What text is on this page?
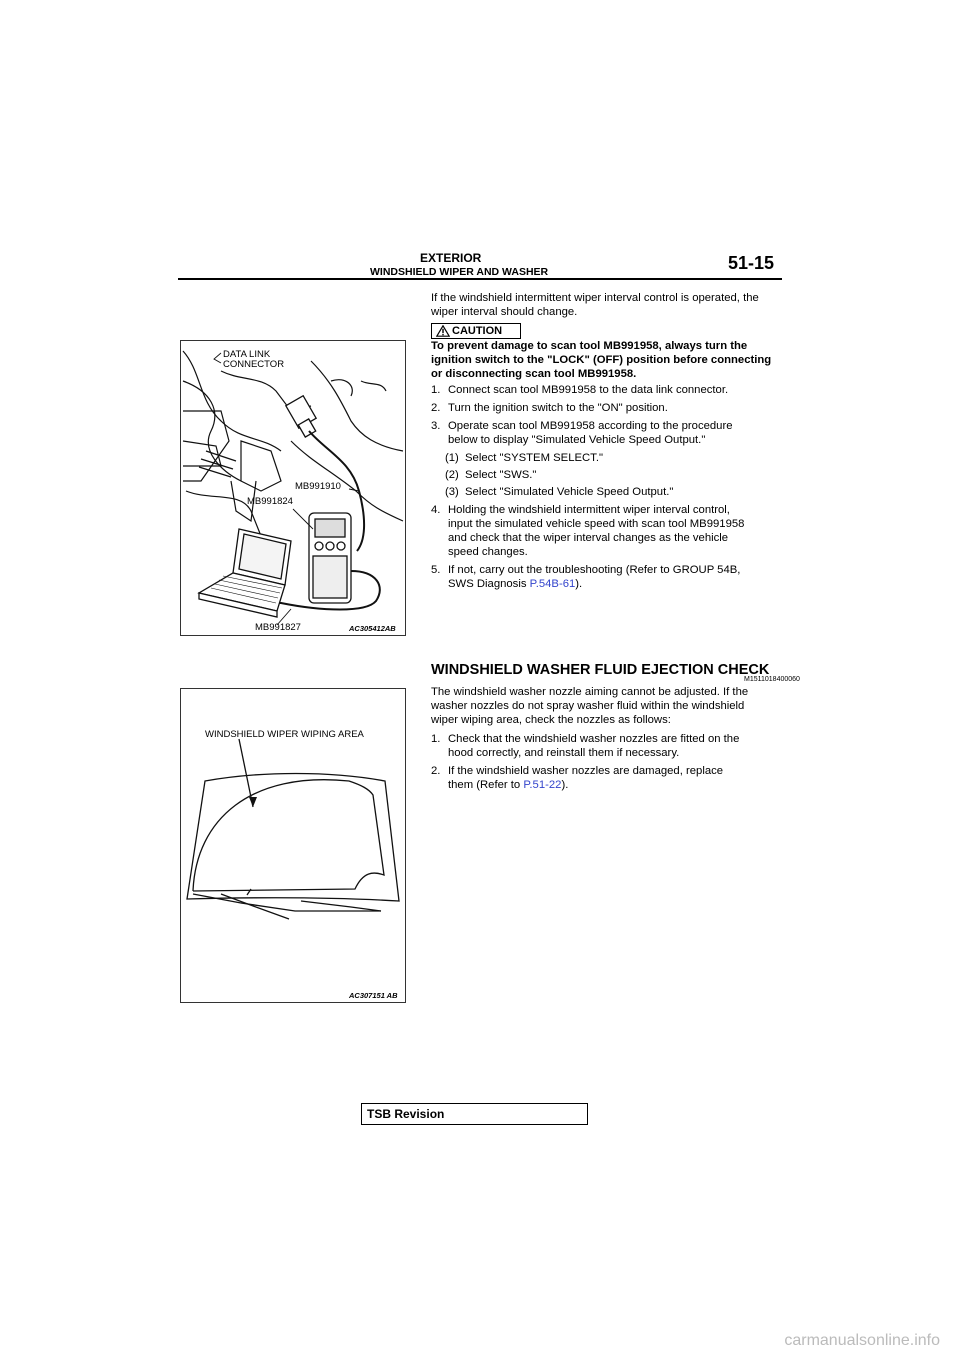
EXTERIOR
WINDSHIELD WIPER AND WASHER	51-15
DATA LINK
CONNECTOR
MB991910
MB991824
MB991827	AC305412AB
If the windshield intermittent wiper interval control is operated, the wiper interval should change.
CAUTION
To prevent damage to scan tool MB991958, always turn the ignition switch to the "LOCK" (OFF) position before connecting or disconnecting scan tool MB991958.
1. Connect scan tool MB991958 to the data link connector.
2. Turn the ignition switch to the "ON" position.
3. Operate scan tool MB991958 according to the procedure
below to display "Simulated Vehicle Speed Output."
(1) Select "SYSTEM SELECT."
(2) Select "SWS."
(3) Select "Simulated Vehicle Speed Output."
4. Holding the windshield intermittent wiper interval control,
input the simulated vehicle speed with scan tool MB991958
and check that the wiper interval changes as the vehicle
speed changes.
5. If not, carry out the troubleshooting (Refer to GROUP 54B,
SWS Diagnosis P.54B-61).
WINDSHIELD WASHER FLUID EJECTION CHECK
M1511018400060
The windshield washer nozzle aiming cannot be adjusted. If the
washer nozzles do not spray washer fluid within the windshield
wiper wiping area, check the nozzles as follows:
1. Check that the windshield washer nozzles are fitted on the
hood correctly, and reinstall them if necessary.
2. If the windshield washer nozzles are damaged, replace
them (Refer to P.51-22).
WINDSHIELD WIPER WIPING AREA
AC307151 AB
TSB Revision
carmanualsonline.info
